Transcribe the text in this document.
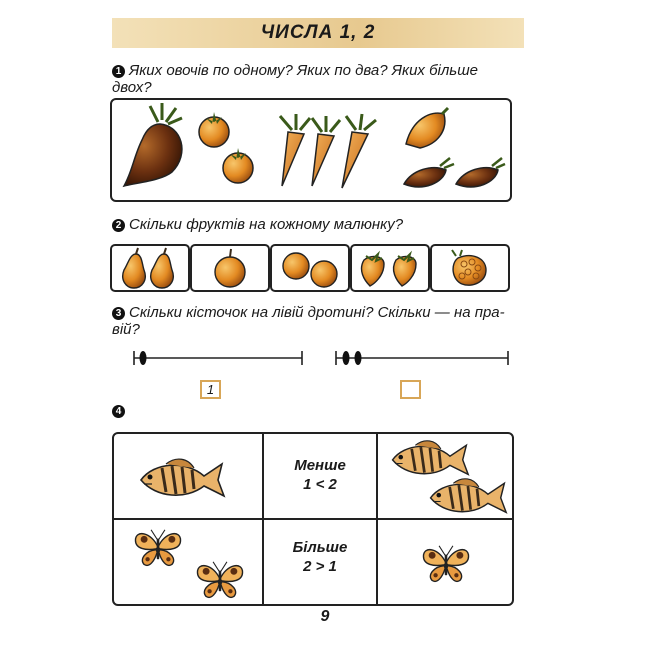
ЧИСЛА 1, 2
1 Яких овочів по одному? Яких по два? Яких більше
двох?
2 Скільки фруктів на кожному малюнку?
3 Скільки кісточок на лівій дротині? Скільки — на пра-
вій?
1
4
Менше
1 < 2
Більше
2 > 1
9
